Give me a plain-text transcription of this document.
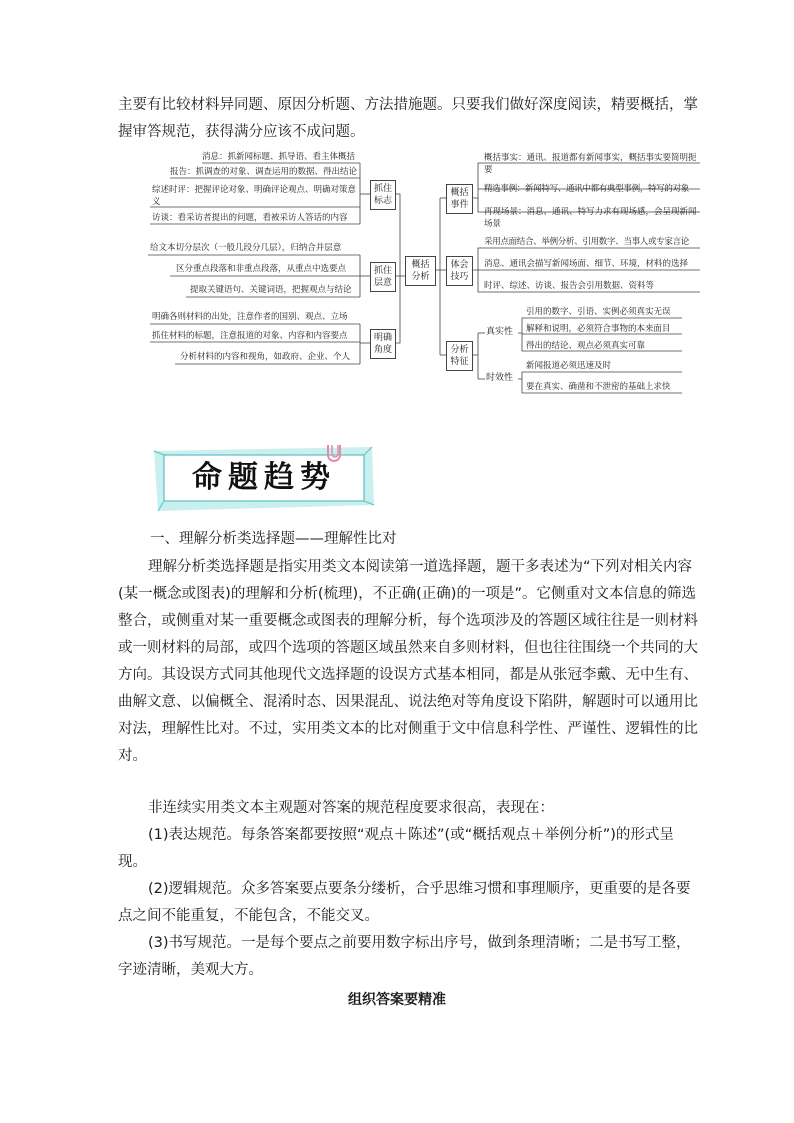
主要有比较材料异同题、原因分析题、方法措施题。只要我们做好深度阅读，精要概括，掌
握审答规范，获得满分应该不成问题。
消息：抓新闻标题、抓导语、看主体概括
报告：抓调查的对象、调查运用的数据、得出结论
综述时评：把握评论对象、明确评论观点、明确对策意义
访谈：看采访者提出的问题，看被采访人答话的内容
给文本切分层次（一般几段分几层），归纳合并层意
区分重点段落和非重点段落，从重点中选要点
提取关键语句、关键词语，把握观点与结论
明确各则材料的出处，注意作者的国别、观点、立场
抓住材料的标题，注意报道的对象、内容和内容要点
分析材料的内容和视角，如政府、企业、个人
抓住标志
抓住层意
明确角度
概括分析
概括事件
体会技巧
分析特征
概括事实：通讯、报道都有新闻事实，概括事实要简明扼要
精选事例：新闻特写、通讯中都有典型事例，特写的对象
再现场景：消息、通讯、特写力求有现场感，会呈现新闻场景
采用点面结合、举例分析、引用数字、当事人或专家言论
消息、通讯会描写新闻场面、细节、环境，材料的选择
时评、综述、访谈、报告会引用数据、资料等
真实性
时效性
引用的数字、引语、实例必须真实无误
解释和说明，必须符合事物的本来面目
得出的结论、观点必须真实可靠
新闻报道必须迅速及时
要在真实、确凿和不泄密的基础上求快
命题趋势
一、理解分析类选择题——理解性比对
理解分析类选择题是指实用类文本阅读第一道选择题，题干多表述为“下列对相关内容
(某一概念或图表)的理解和分析(梳理)，不正确(正确)的一项是”。它侧重对文本信息的筛选
整合，或侧重对某一重要概念或图表的理解分析，每个选项涉及的答题区域往往是一则材料
或一则材料的局部，或四个选项的答题区域虽然来自多则材料，但也往往围绕一个共同的大
方向。其设误方式同其他现代文选择题的设误方式基本相同，都是从张冠李戴、无中生有、
曲解文意、以偏概全、混淆时态、因果混乱、说法绝对等角度设下陷阱，解题时可以通用比
对法，理解性比对。不过，实用类文本的比对侧重于文中信息科学性、严谨性、逻辑性的比
对。
非连续实用类文本主观题对答案的规范程度要求很高，表现在：
(1)表达规范。每条答案都要按照“观点＋陈述”(或“概括观点＋举例分析”)的形式呈
现。
(2)逻辑规范。众多答案要点要条分缕析，合乎思维习惯和事理顺序，更重要的是各要
点之间不能重复，不能包含，不能交叉。
(3)书写规范。一是每个要点之前要用数字标出序号，做到条理清晰；二是书写工整，
字迹清晰，美观大方。
组织答案要精准
